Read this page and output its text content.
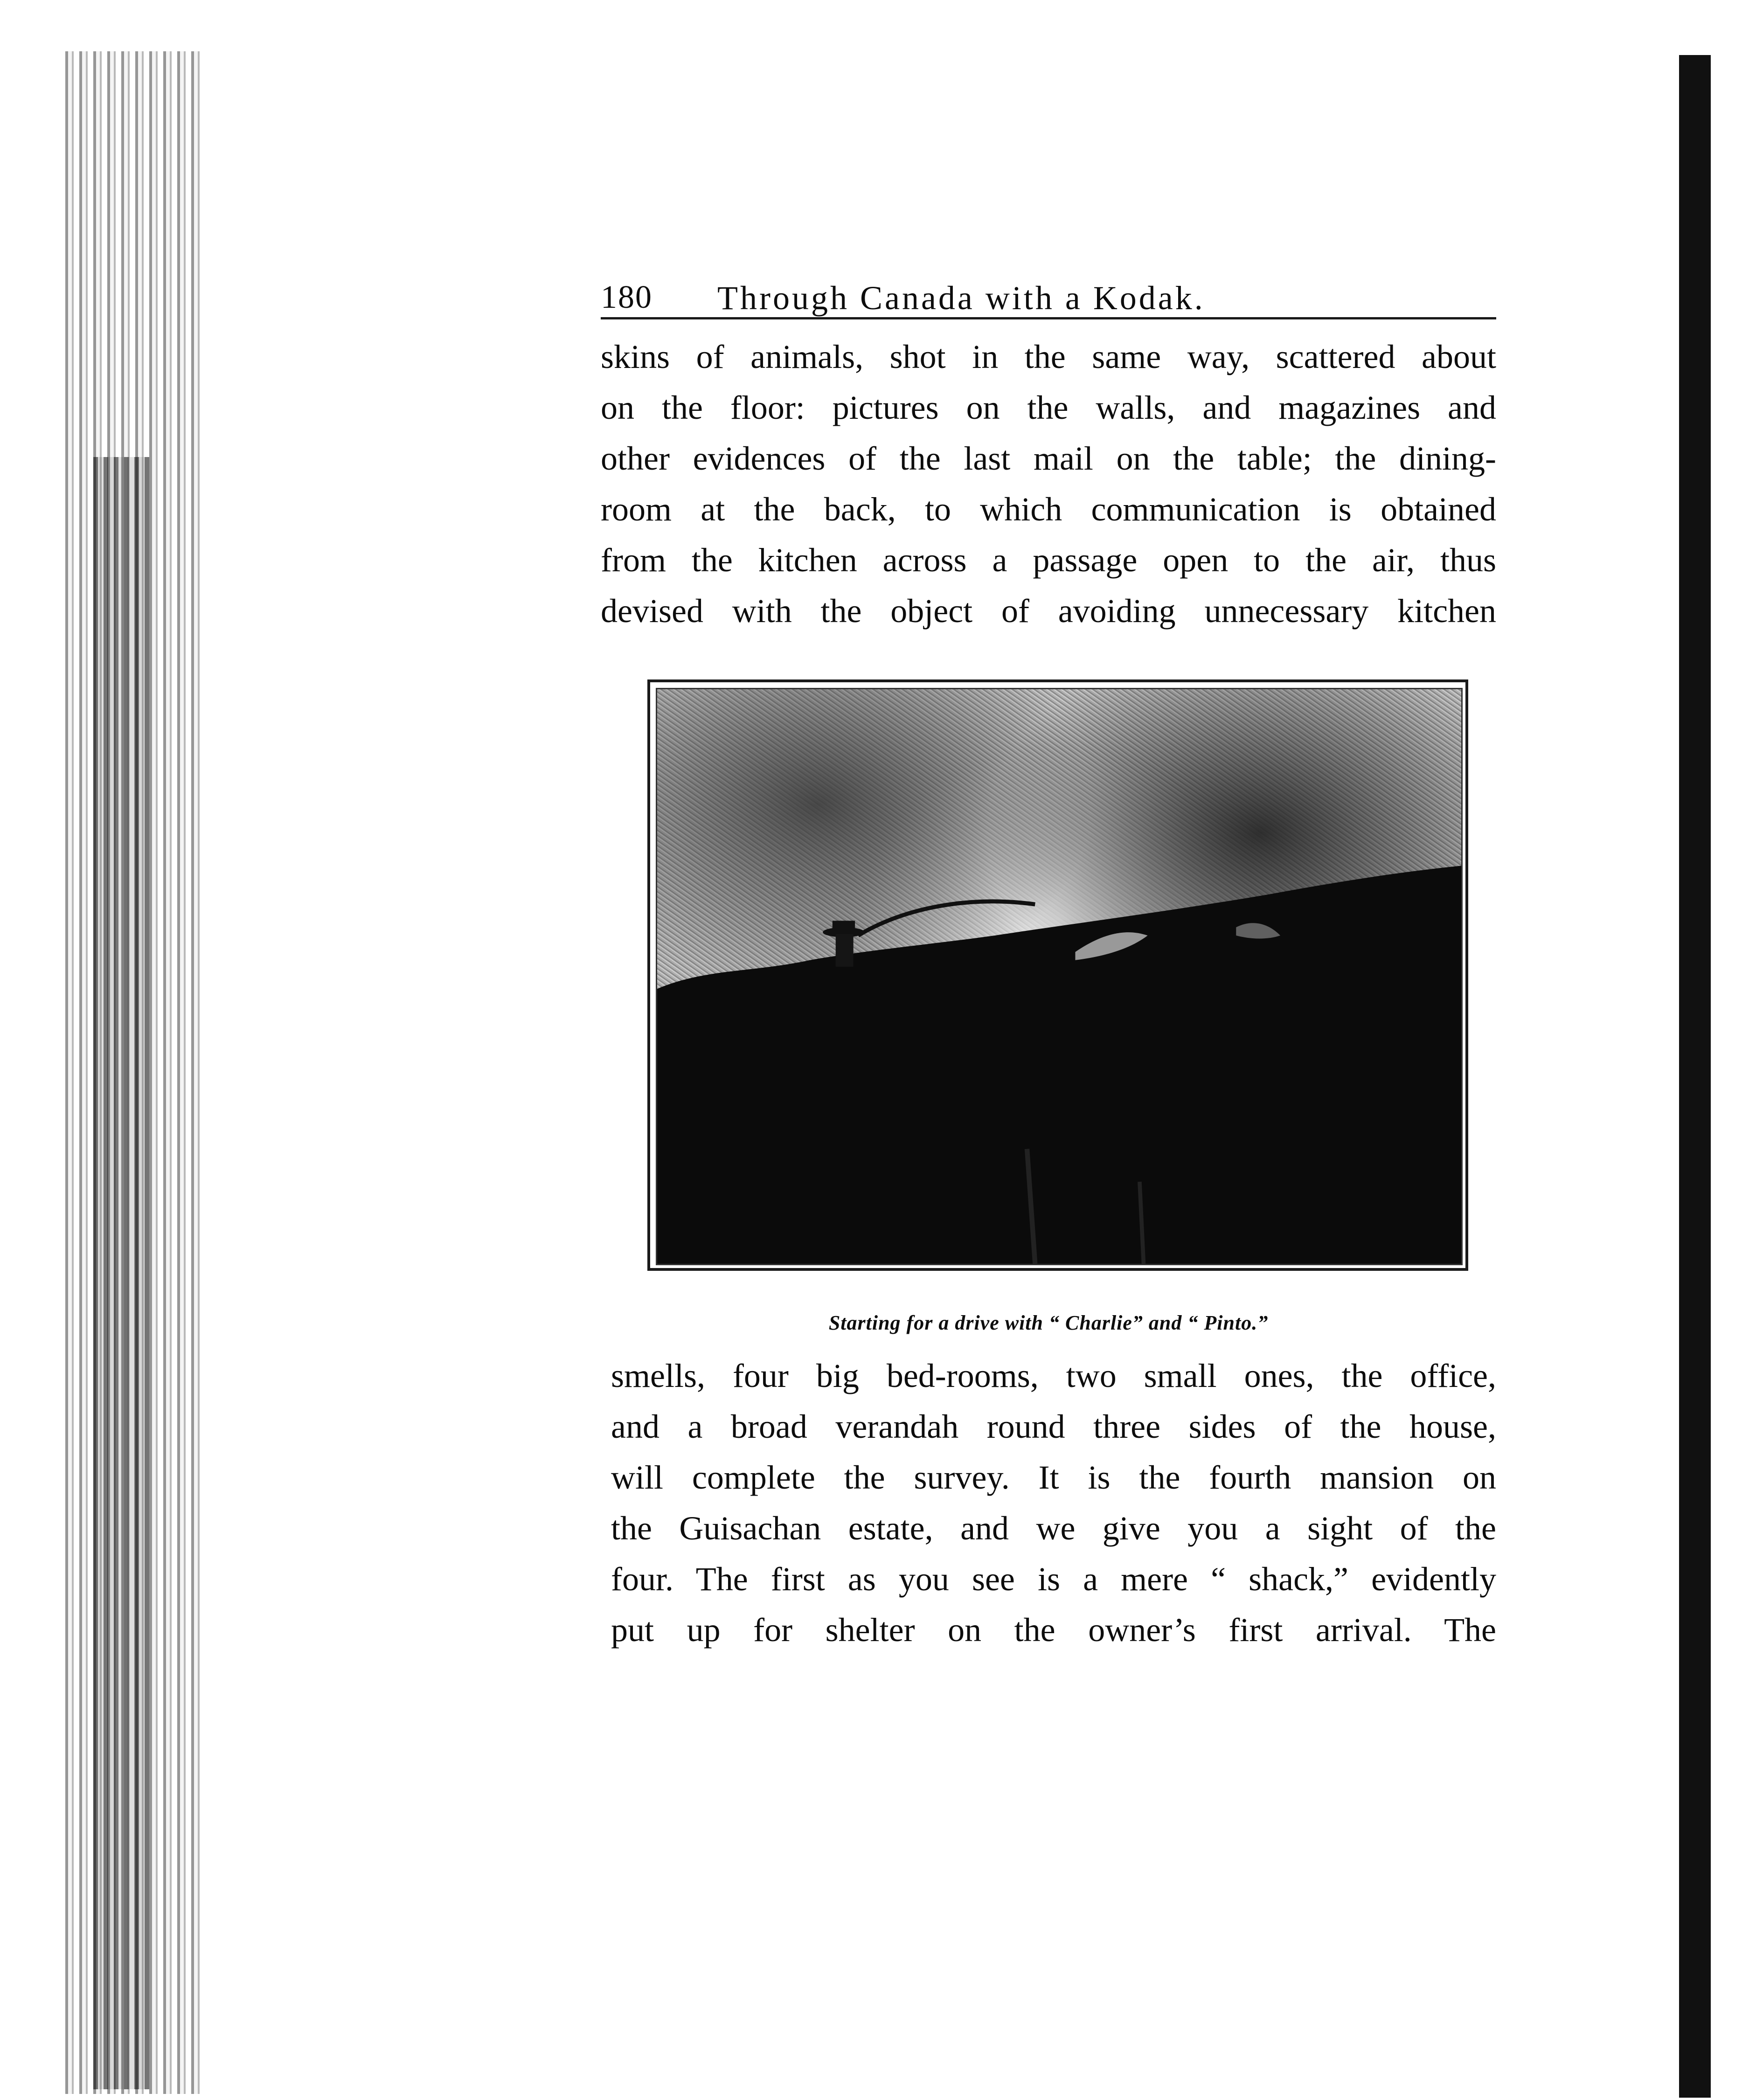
180 Through Canada with a Kodak.

skins of animals, shot in the same way, scattered about
on the floor: pictures on the walls, and magazines and
other evidences of the last mail on the table; the dining-
room at the back, to which communication is obtained
from the kitchen across a passage open to the air, thus
devised with the object of avoiding unnecessary kitchen

Starting for a drive with “ Charlie” and “ Pinto.”

smells, four big bed-rooms, two small ones, the office,
and a broad verandah round three sides of the house,
will complete the survey. It is the fourth mansion on
the Guisachan estate, and we give you a sight of the
four. The first as you see is a mere “ shack,” evidently
put up for shelter on the owner’s first arrival. The
